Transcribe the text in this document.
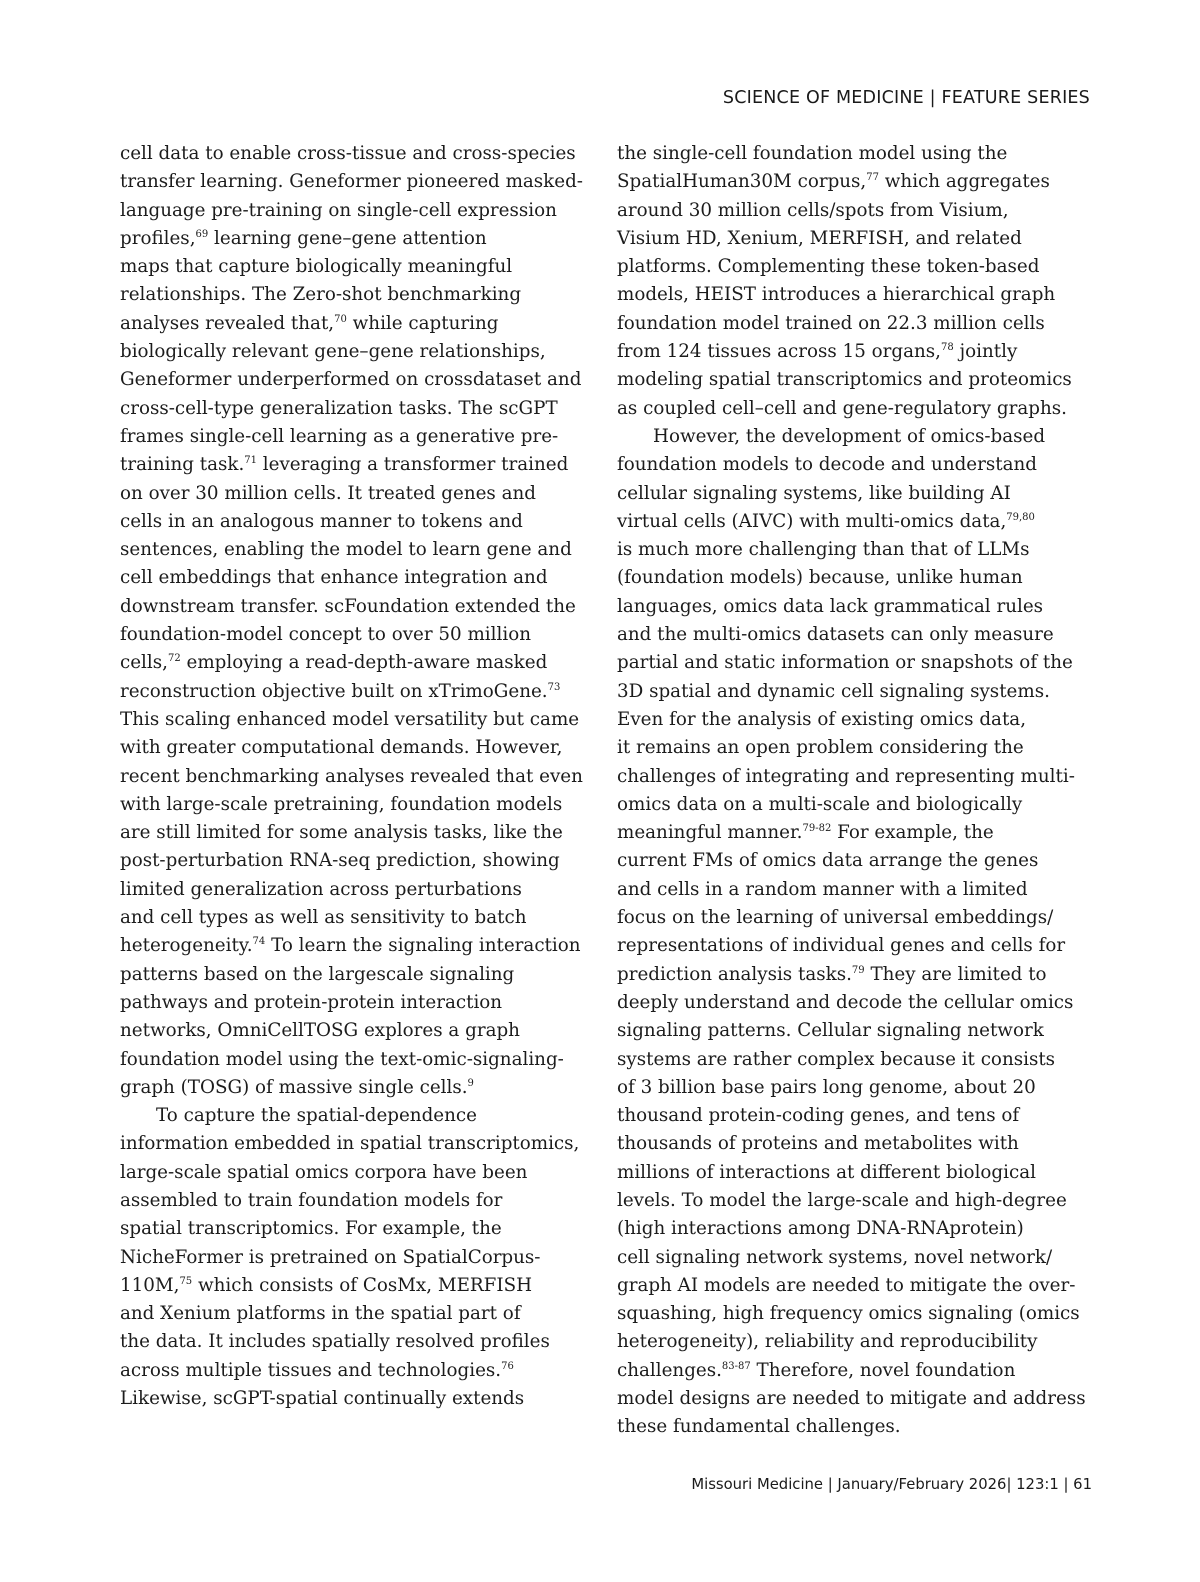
SCIENCE OF MEDICINE | FEATURE SERIES
cell data to enable cross-tissue and cross-species
transfer learning. Geneformer pioneered masked-
language pre-training on single-cell expression
profiles,$^{69}$ learning gene–gene attention
maps that capture biologically meaningful
relationships. The Zero-shot benchmarking
analyses revealed that,$^{70}$ while capturing
biologically relevant gene–gene relationships,
Geneformer underperformed on crossdataset and
cross-cell-type generalization tasks. The scGPT
frames single-cell learning as a generative pre-
training task.$^{71}$ leveraging a transformer trained
on over 30 million cells. It treated genes and
cells in an analogous manner to tokens and
sentences, enabling the model to learn gene and
cell embeddings that enhance integration and
downstream transfer. scFoundation extended the
foundation-model concept to over 50 million
cells,$^{72}$ employing a read-depth-aware masked
reconstruction objective built on xTrimoGene.$^{73}$
This scaling enhanced model versatility but came
with greater computational demands. However,
recent benchmarking analyses revealed that even
with large-scale pretraining, foundation models
are still limited for some analysis tasks, like the
post-perturbation RNA-seq prediction, showing
limited generalization across perturbations
and cell types as well as sensitivity to batch
heterogeneity.$^{74}$ To learn the signaling interaction
patterns based on the largescale signaling
pathways and protein-protein interaction
networks, OmniCellTOSG explores a graph
foundation model using the text-omic-signaling-
graph (TOSG) of massive single cells.$^9$
To capture the spatial-dependence
information embedded in spatial transcriptomics,
large-scale spatial omics corpora have been
assembled to train foundation models for
spatial transcriptomics. For example, the
NicheFormer is pretrained on SpatialCorpus-
110M,$^{75}$ which consists of CosMx, MERFISH
and Xenium platforms in the spatial part of
the data. It includes spatially resolved profiles
across multiple tissues and technologies.$^{76}$
Likewise, scGPT-spatial continually extends
the single-cell foundation model using the
SpatialHuman30M corpus,$^{77}$ which aggregates
around 30 million cells/spots from Visium,
Visium HD, Xenium, MERFISH, and related
platforms. Complementing these token-based
models, HEIST introduces a hierarchical graph
foundation model trained on 22.3 million cells
from 124 tissues across 15 organs,$^{78}$ jointly
modeling spatial transcriptomics and proteomics
as coupled cell–cell and gene-regulatory graphs.
However, the development of omics-based
foundation models to decode and understand
cellular signaling systems, like building AI
virtual cells (AIVC) with multi-omics data,$^{79,80}$
is much more challenging than that of LLMs
(foundation models) because, unlike human
languages, omics data lack grammatical rules
and the multi-omics datasets can only measure
partial and static information or snapshots of the
3D spatial and dynamic cell signaling systems.
Even for the analysis of existing omics data,
it remains an open problem considering the
challenges of integrating and representing multi-
omics data on a multi-scale and biologically
meaningful manner.$^{79-82}$ For example, the
current FMs of omics data arrange the genes
and cells in a random manner with a limited
focus on the learning of universal embeddings/
representations of individual genes and cells for
prediction analysis tasks.$^{79}$ They are limited to
deeply understand and decode the cellular omics
signaling patterns. Cellular signaling network
systems are rather complex because it consists
of 3 billion base pairs long genome, about 20
thousand protein-coding genes, and tens of
thousands of proteins and metabolites with
millions of interactions at different biological
levels. To model the large-scale and high-degree
(high interactions among DNA-RNAprotein)
cell signaling network systems, novel network/
graph AI models are needed to mitigate the over-
squashing, high frequency omics signaling (omics
heterogeneity), reliability and reproducibility
challenges.$^{83-87}$ Therefore, novel foundation
model designs are needed to mitigate and address
these fundamental challenges.
Missouri Medicine | January/February 2026| 123:1 | 61
